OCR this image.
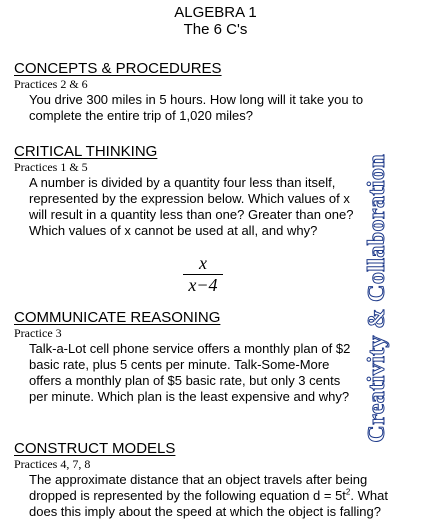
ALGEBRA 1
The 6 C's
CONCEPTS & PROCEDURES
Practices 2 & 6

You drive 300 miles in 5 hours. How long will it take you to complete the entire trip of 1,020 miles?

CRITICAL THINKING
Practices 1 & 5

A number is divided by a quantity four less than itself, represented by the expression below. Which values of x will result in a quantity less than one? Greater than one? Which values of x cannot be used at all, and why?

x
x−4
COMMUNICATE REASONING
Practice 3

Talk-a-Lot cell phone service offers a monthly plan of $2 basic rate, plus 5 cents per minute. Talk-Some-More offers a monthly plan of $5 basic rate, but only 3 cents per minute. Which plan is the least expensive and why?

CONSTRUCT MODELS
Practices 4, 7, 8

The approximate distance that an object travels after being dropped is represented by the following equation $d = 5t^2$. What does this imply about the speed at which the object is falling?

Creativity & Collaboration
